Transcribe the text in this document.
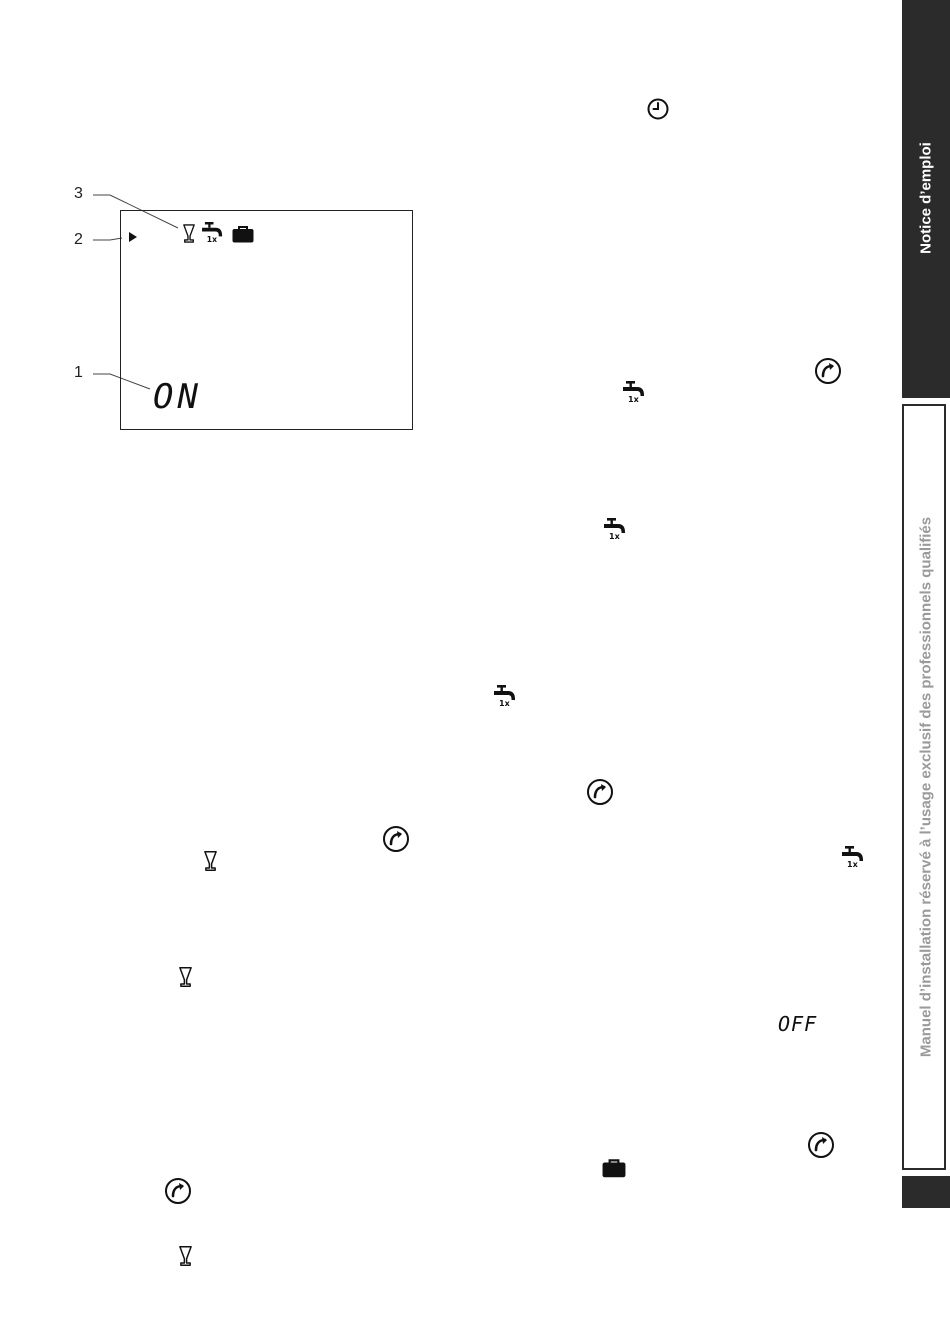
3
2
1
ON
OFF
Notice d’emploi
Manuel d’installation réservé à l’usage exclusif des professionnels qualifiés
